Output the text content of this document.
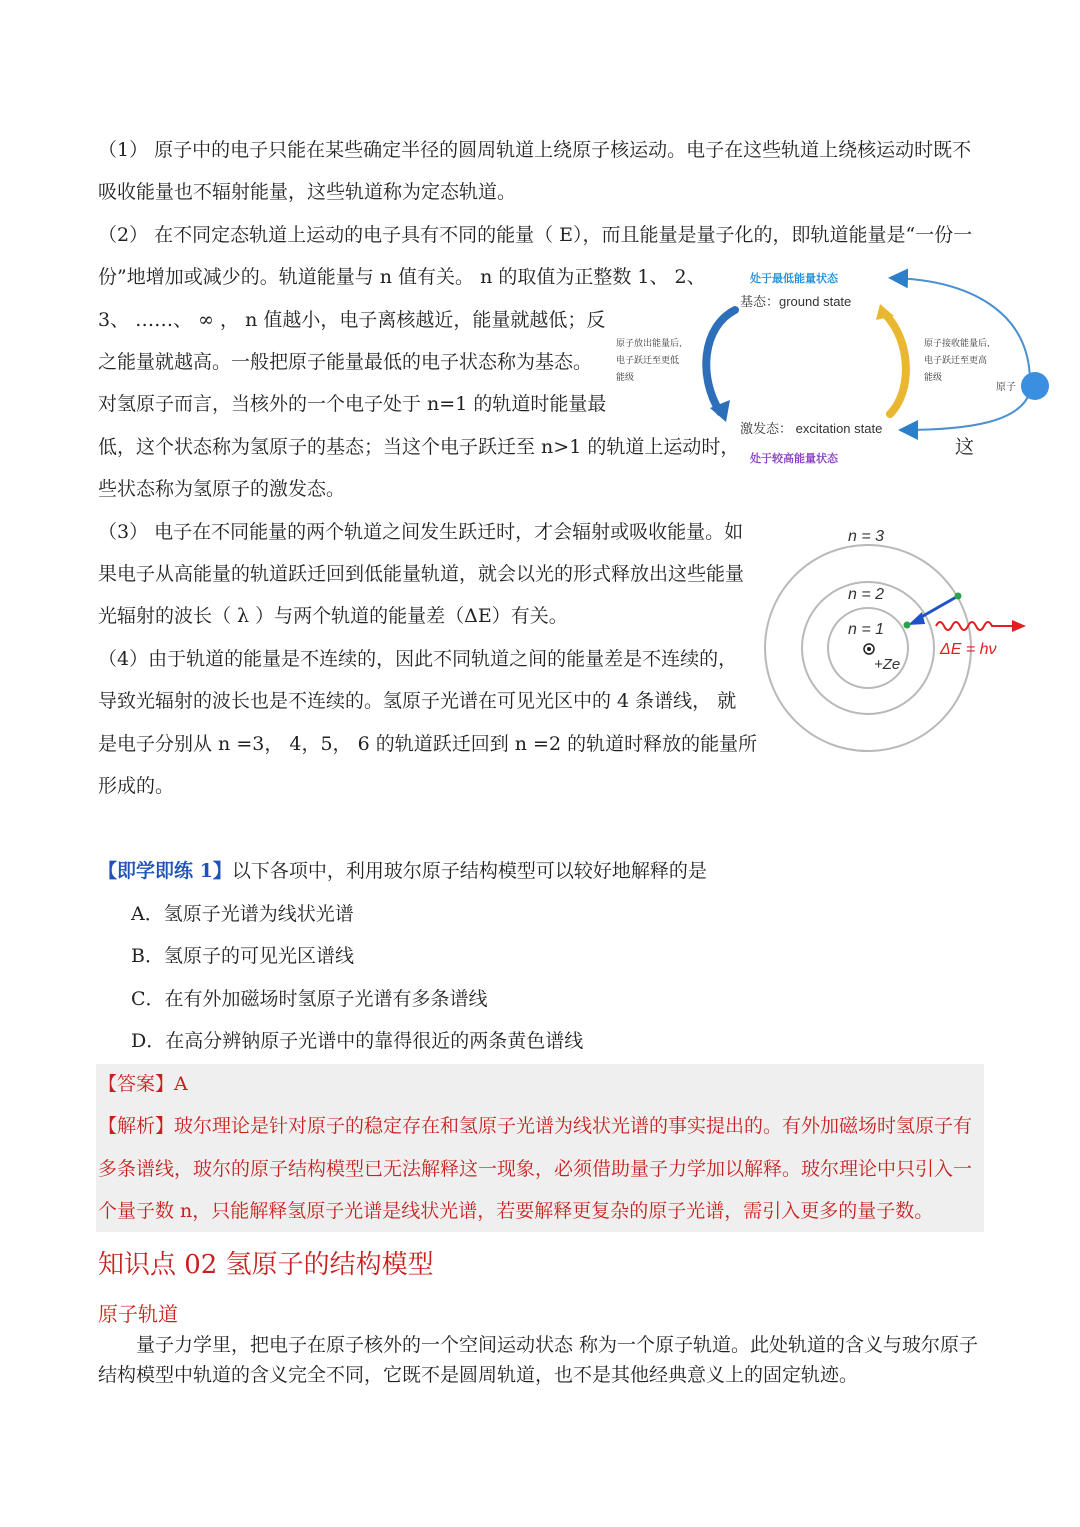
（1） 原子中的电子只能在某些确定半径的圆周轨道上绕原子核运动。电子在这些轨道上绕核运动时既不

吸收能量也不辐射能量，这些轨道称为定态轨道。

（2） 在不同定态轨道上运动的电子具有不同的能量（ E），而且能量是量子化的，即轨道能量是“一份一

份”地增加或减少的。轨道能量与 n 值有关。 n 的取值为正整数 1、 2、

3、 ……、 ∞ ， n 值越小，电子离核越近，能量就越低；反

之能量就越高。一般把原子能量最低的电子状态称为基态。

对氢原子而言，当核外的一个电子处于 n=1 的轨道时能量最

低，这个状态称为氢原子的基态；当这个电子跃迁至 n>1 的轨道上运动时，	这

些状态称为氢原子的激发态。

（3） 电子在不同能量的两个轨道之间发生跃迁时，才会辐射或吸收能量。如

果电子从高能量的轨道跃迁回到低能量轨道，就会以光的形式释放出这些能量

光辐射的波长（ λ ）与两个轨道的能量差（ΔE）有关。

（4）由于轨道的能量是不连续的，因此不同轨道之间的能量差是不连续的，

导致光辐射的波长也是不连续的。氢原子光谱在可见光区中的 4 条谱线， 就

是电子分别从 n =3， 4，5， 6 的轨道跃迁回到 n =2 的轨道时释放的能量所

形成的。

处于最低能量状态
基态：ground state
原子放出能量后, 电子跃迁至更低 能级
原子接收能量后, 电子跃迁至更高 能级
原子
激发态： excitation state
处于较高能量状态
n = 3
n = 2
n = 1
+Ze
ΔE = hν

【即学即练 1】以下各项中，利用玻尔原子结构模型可以较好地解释的是

A．氢原子光谱为线状光谱

B．氢原子的可见光区谱线

C．在有外加磁场时氢原子光谱有多条谱线

D．在高分辨钠原子光谱中的靠得很近的两条黄色谱线

【答案】A

【解析】玻尔理论是针对原子的稳定存在和氢原子光谱为线状光谱的事实提出的。有外加磁场时氢原子有

多条谱线，玻尔的原子结构模型已无法解释这一现象，必须借助量子力学加以解释。玻尔理论中只引入一

个量子数 n，只能解释氢原子光谱是线状光谱，若要解释更复杂的原子光谱，需引入更多的量子数。

知识点 02 氢原子的结构模型
原子轨道

量子力学里，把电子在原子核外的一个空间运动状态 称为一个原子轨道。此处轨道的含义与玻尔原子

结构模型中轨道的含义完全不同，它既不是圆周轨道，也不是其他经典意义上的固定轨迹。
